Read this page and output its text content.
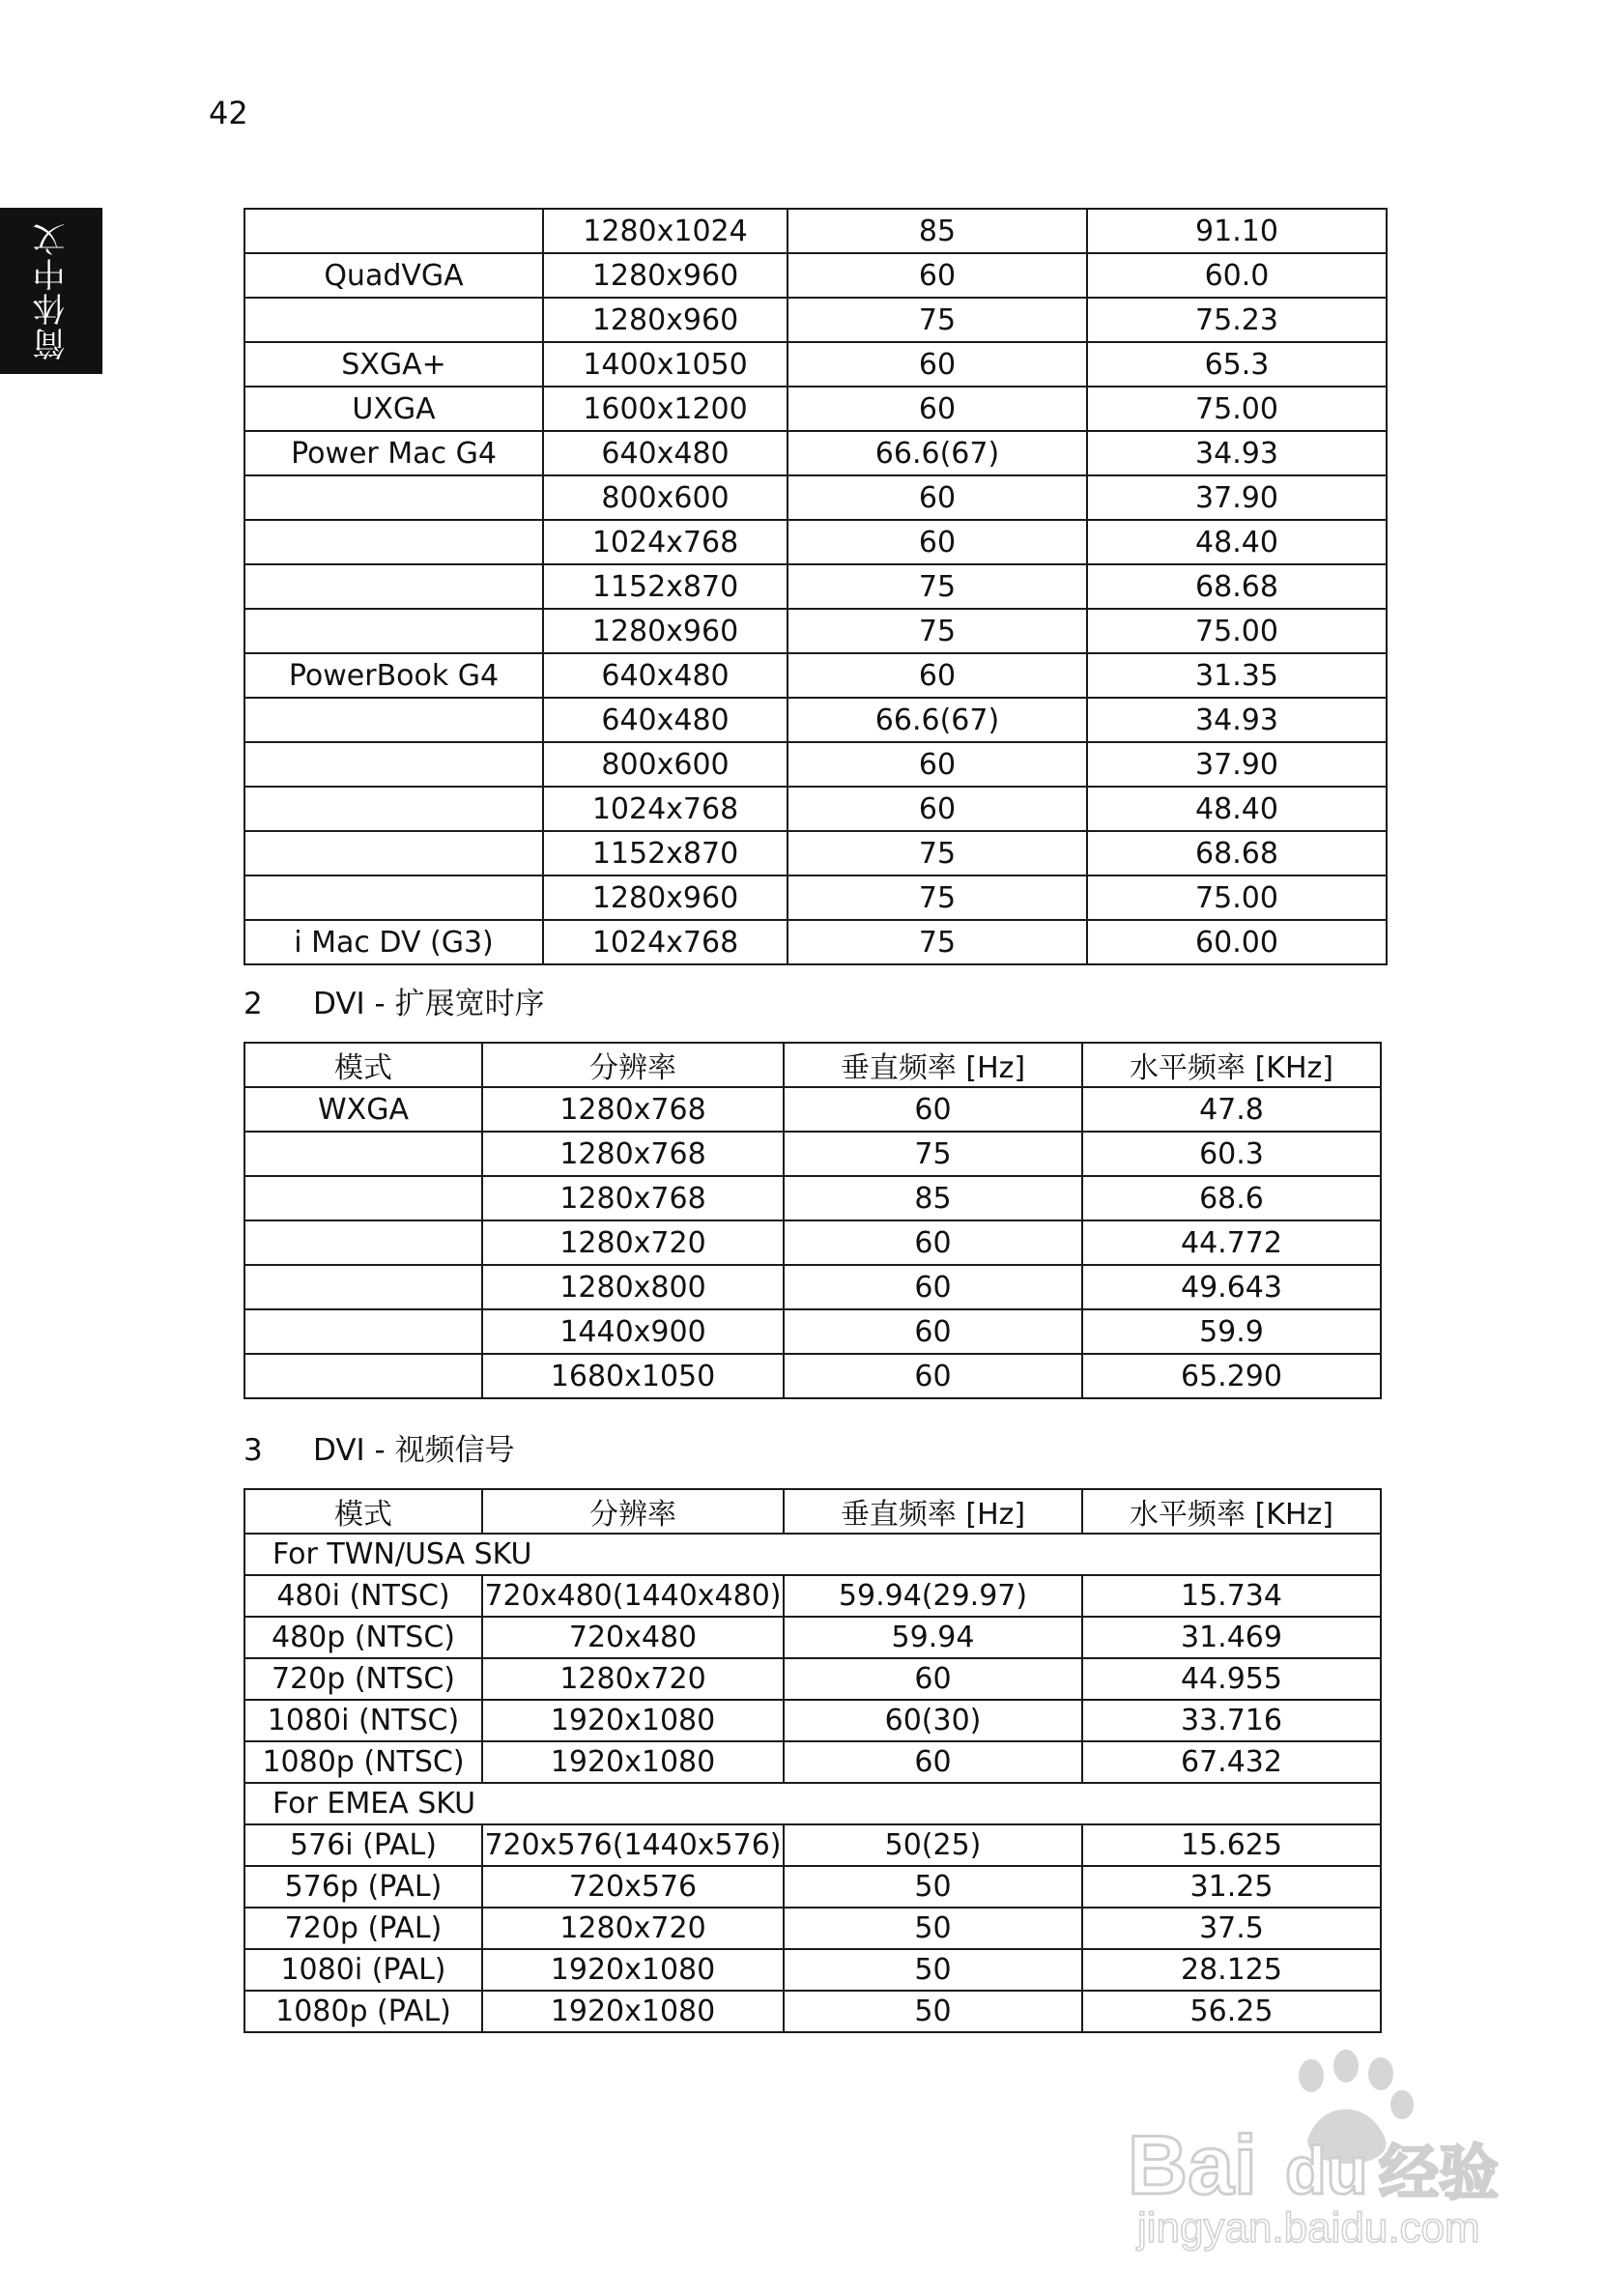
42
简体中文
		1280x1024	85	91.10
QuadVGA	1280x960	60	60.0
	1280x960	75	75.23
SXGA+	1400x1050	60	65.3
UXGA	1600x1200	60	75.00
Power Mac G4	640x480	66.6(67)	34.93
	800x600	60	37.90
	1024x768	60	48.40
	1152x870	75	68.68
	1280x960	75	75.00
PowerBook G4	640x480	60	31.35
	640x480	66.6(67)	34.93
	800x600	60	37.90
	1024x768	60	48.40
	1152x870	75	68.68
	1280x960	75	75.00
i Mac DV (G3)	1024x768	75	60.00
2 DVI - 扩展宽时序
模式	分辨率	垂直频率 [Hz]	水平频率 [KHz]
WXGA	1280x768	60	47.8
	1280x768	75	60.3
	1280x768	85	68.6
	1280x720	60	44.772
	1280x800	60	49.643
	1440x900	60	59.9
	1680x1050	60	65.290
3 DVI - 视频信号
模式	分辨率	垂直频率 [Hz]	水平频率 [KHz]
For TWN/USA SKU			
480i (NTSC)	720x480(1440x480)	59.94(29.97)	15.734
480p (NTSC)	720x480	59.94	31.469
720p (NTSC)	1280x720	60	44.955
1080i (NTSC)	1920x1080	60(30)	33.716
1080p (NTSC)	1920x1080	60	67.432
For EMEA SKU			
576i (PAL)	720x576(1440x576)	50(25)	15.625
576p (PAL)	720x576	50	31.25
720p (PAL)	1280x720	50	37.5
1080i (PAL)	1920x1080	50	28.125
1080p (PAL)	1920x1080	50	56.25
Bai du 经验
jingyan.baidu.com
